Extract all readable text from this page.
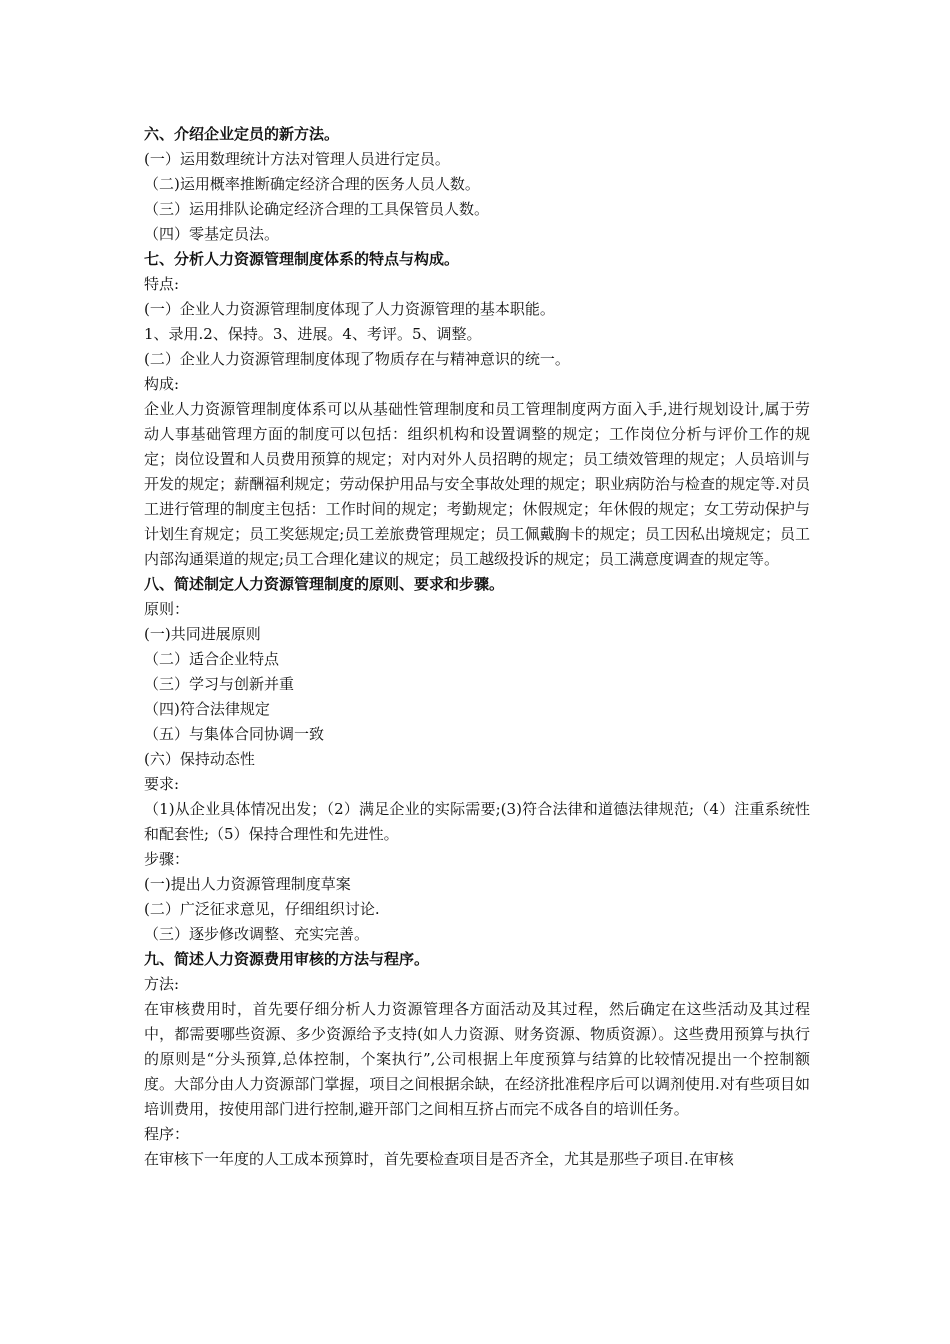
六、介绍企业定员的新方法。

(一）运用数理统计方法对管理人员进行定员。

（二)运用概率推断确定经济合理的医务人员人数。

（三）运用排队论确定经济合理的工具保管员人数。

（四）零基定员法。

七、分析人力资源管理制度体系的特点与构成。

特点:

(一）企业人力资源管理制度体现了人力资源管理的基本职能。

1、录用.2、保持。3、进展。4、考评。5、调整。

(二）企业人力资源管理制度体现了物质存在与精神意识的统一。

构成:

企业人力资源管理制度体系可以从基础性管理制度和员工管理制度两方面入手,进行规划设计,属于劳动人事基础管理方面的制度可以包括：组织机构和设置调整的规定；工作岗位分析与评价工作的规定；岗位设置和人员费用预算的规定；对内对外人员招聘的规定；员工绩效管理的规定；人员培训与开发的规定；薪酬福利规定；劳动保护用品与安全事故处理的规定；职业病防治与检查的规定等.对员工进行管理的制度主包括：工作时间的规定；考勤规定；休假规定；年休假的规定；女工劳动保护与计划生育规定；员工奖惩规定;员工差旅费管理规定；员工佩戴胸卡的规定；员工因私出境规定；员工内部沟通渠道的规定;员工合理化建议的规定；员工越级投诉的规定；员工满意度调查的规定等。

八、简述制定人力资源管理制度的原则、要求和步骤。

原则：

(一)共同进展原则

（二）适合企业特点

（三）学习与创新并重

（四)符合法律规定

（五）与集体合同协调一致

(六）保持动态性

要求:

（1)从企业具体情况出发；（2）满足企业的实际需要;(3)符合法律和道德法律规范;（4）注重系统性和配套性;（5）保持合理性和先进性。

步骤：

(一)提出人力资源管理制度草案

(二）广泛征求意见，仔细组织讨论.

（三）逐步修改调整、充实完善。

九、简述人力资源费用审核的方法与程序。

方法:

在审核费用时，首先要仔细分析人力资源管理各方面活动及其过程，然后确定在这些活动及其过程中，都需要哪些资源、多少资源给予支持(如人力资源、财务资源、物质资源）。这些费用预算与执行的原则是“分头预算,总体控制，个案执行”,公司根据上年度预算与结算的比较情况提出一个控制额度。大部分由人力资源部门掌握，项目之间根据余缺，在经济批准程序后可以调剂使用.对有些项目如培训费用，按使用部门进行控制,避开部门之间相互挤占而完不成各自的培训任务。

程序：

在审核下一年度的人工成本预算时，首先要检查项目是否齐全，尤其是那些子项目.在审核
